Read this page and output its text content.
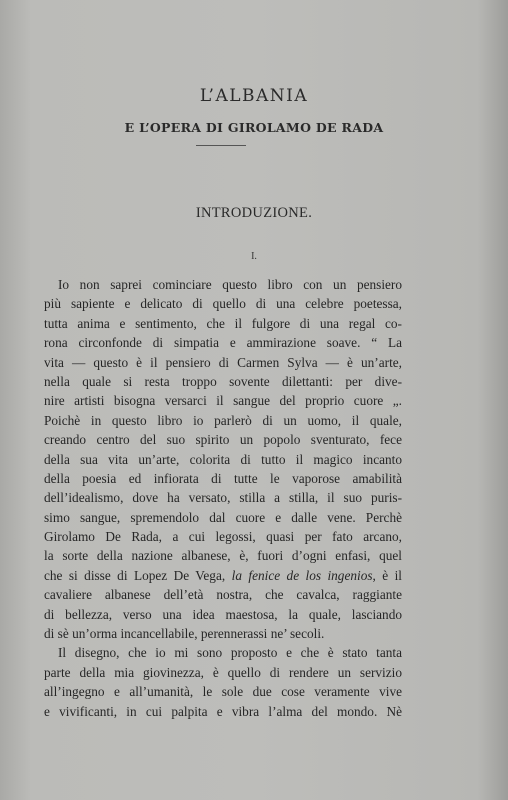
L’ALBANIA
E L’OPERA DI GIROLAMO DE RADA
INTRODUZIONE.
I.
Io non saprei cominciare questo libro con un pensiero
più sapiente e delicato di quello di una celebre poetessa,
tutta anima e sentimento, che il fulgore di una regal co-
rona circonfonde di simpatia e ammirazione soave. “ La
vita — questo è il pensiero di Carmen Sylva — è un’arte,
nella quale si resta troppo sovente dilettanti: per dive-
nire artisti bisogna versarci il sangue del proprio cuore „.
Poichè in questo libro io parlerò di un uomo, il quale,
creando centro del suo spirito un popolo sventurato, fece
della sua vita un’arte, colorita di tutto il magico incanto
della poesia ed infiorata di tutte le vaporose amabilità
dell’idealismo, dove ha versato, stilla a stilla, il suo puris-
simo sangue, spremendolo dal cuore e dalle vene. Perchè
Girolamo De Rada, a cui legossi, quasi per fato arcano,
la sorte della nazione albanese, è, fuori d’ogni enfasi, quel
che si disse di Lopez De Vega, la fenice de los ingenios, è il
cavaliere albanese dell’età nostra, che cavalca, raggiante
di bellezza, verso una idea maestosa, la quale, lasciando
di sè un’orma incancellabile, perennerassi ne’ secoli.
Il disegno, che io mi sono proposto e che è stato tanta
parte della mia giovinezza, è quello di rendere un servizio
all’ingegno e all’umanità, le sole due cose veramente vive
e vivificanti, in cui palpita e vibra l’alma del mondo. Nè
